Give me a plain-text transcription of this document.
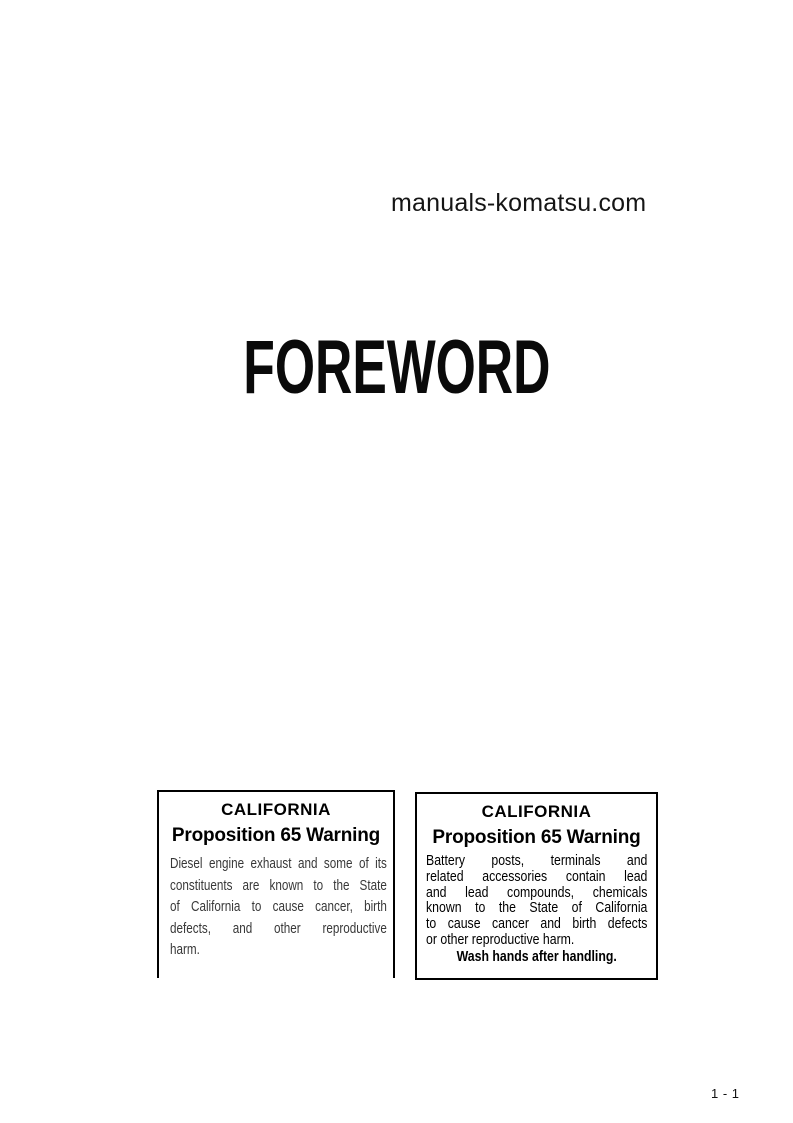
manuals-komatsu.com
FOREWORD
CALIFORNIA
Proposition 65 Warning
Diesel engine exhaust and some of its
constituents are known to the State
of California to cause cancer, birth
defects, and other reproductive
harm.
CALIFORNIA
Proposition 65 Warning
Battery posts, terminals and
related accessories contain lead
and lead compounds, chemicals
known to the State of California
to cause cancer and birth defects
or other reproductive harm.
Wash hands after handling.
1 - 1
